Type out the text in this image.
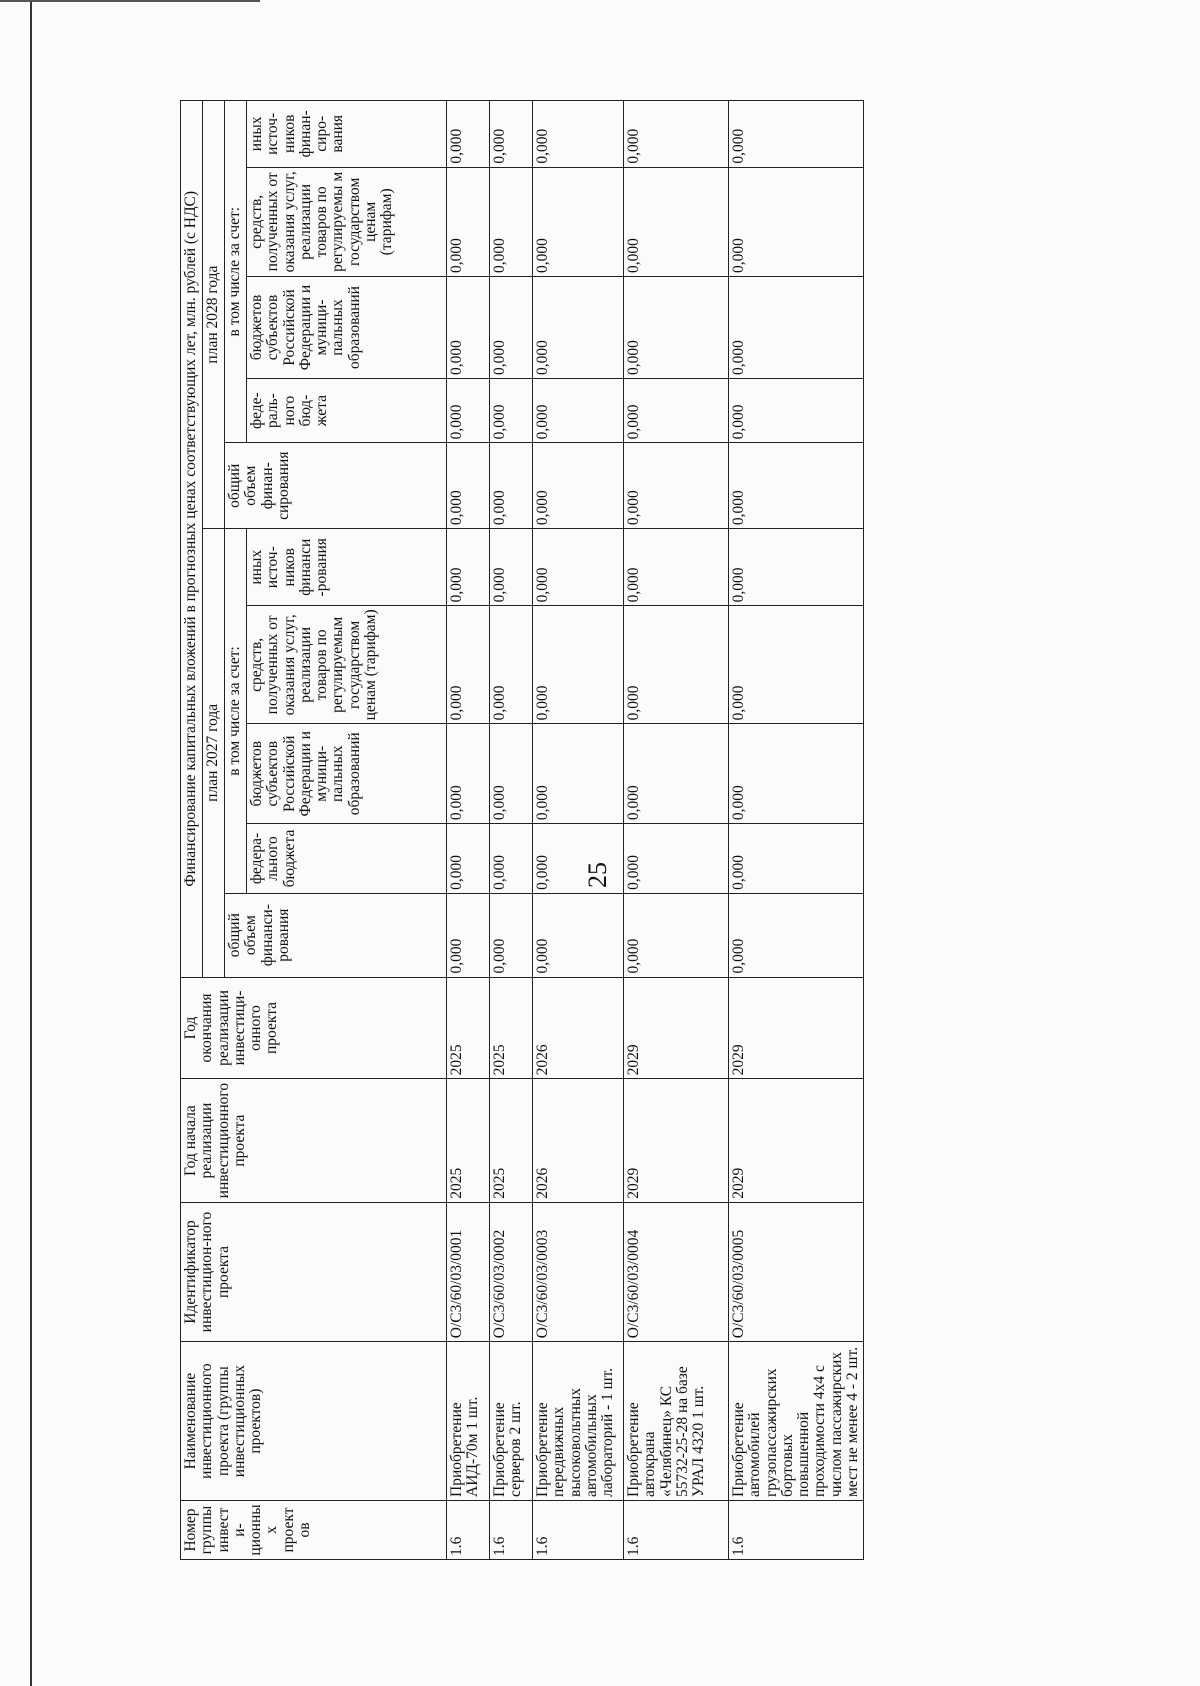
25
Номер группы инвести-ционных проектов	Наименование инвестиционного проекта (группы инвестиционных проектов)	Идентификатор инвестицион-ного проекта	Год начала реализации инвестиционного проекта	Год окончания реализации инвестици-онного проекта	Финансирование капитальных вложений в прогнозных ценах соответствующих лет, млн. рублей (с НДС)									
					план 2027 года					план 2028 года				
					общий объем финанси-рования	в том числе за счет:				общий объем финан-сирования	в том числе за счет:			
						федера-льного бюджета	бюджетов субъектов Российской Федерации и муници-пальных образований	средств, полученных от оказания услуг, реализации товаров по регулируемым государством ценам (тарифам)	иных источ-ников финанси -рования		феде-раль-ного бюд-жета	бюджетов субъектов Российской Федерации и муници-пальных образований	средств, полученных от оказания услуг, реализации товаров по регулируемы м государством ценам (тарифам)	иных источ-ников финан-сиро-вания
1.6	Приобретение АИД-70м 1 шт.	O/C3/60/03/0001	2025	2025	0,000	0,000	0,000	0,000	0,000	0,000	0,000	0,000	0,000	0,000
1.6	Приобретение серверов 2 шт.	O/C3/60/03/0002	2025	2025	0,000	0,000	0,000	0,000	0,000	0,000	0,000	0,000	0,000	0,000
1.6	Приобретение передвижных высоковольтных автомобильных лабораторий - 1 шт.	O/C3/60/03/0003	2026	2026	0,000	0,000	0,000	0,000	0,000	0,000	0,000	0,000	0,000	0,000
1.6	Приобретение автокрана «Челябинец» КС 55732-25-28 на базе УРАЛ 4320 1 шт.	O/C3/60/03/0004	2029	2029	0,000	0,000	0,000	0,000	0,000	0,000	0,000	0,000	0,000	0,000
1.6	Приобретение автомобилей грузопассажирских бортовых повышенной проходимости 4x4 с числом пассажирских мест не менее 4 - 2 шт.	O/C3/60/03/0005	2029	2029	0,000	0,000	0,000	0,000	0,000	0,000	0,000	0,000	0,000	0,000
